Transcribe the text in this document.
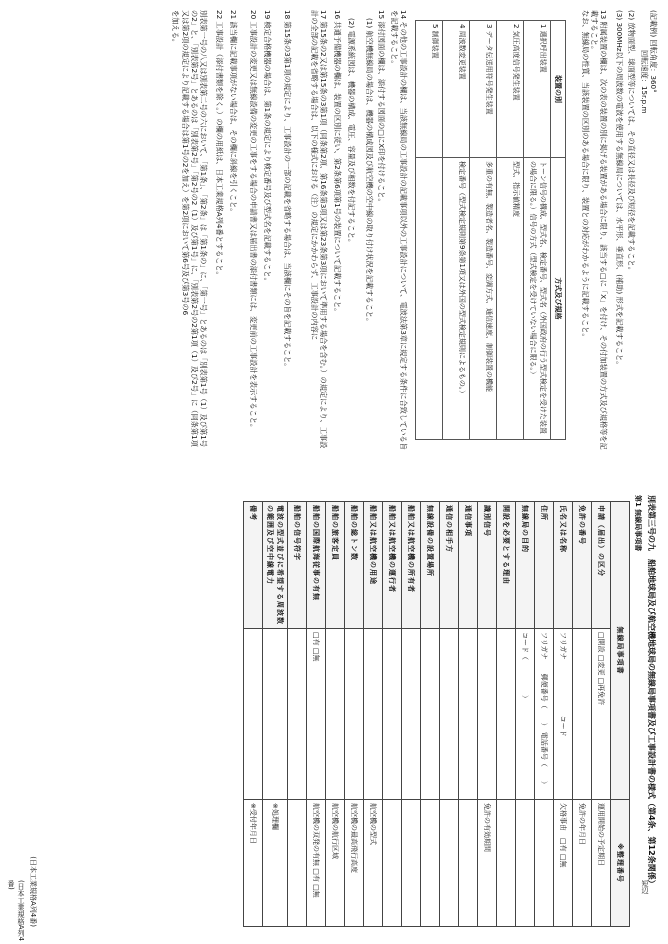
別表第三号の九　船舶地球局及び航空機地球局の無線局事項書及び工事設計書の様式（第4条、第12条関係）
第1 無線局事項書
無線局事項書		※整理番号
申請（届出）の区分	□開設 □変更 □再免許	運用開始の予定期日
免許の番号		免許の年月日
氏名又は名称	フリガナ　　　　　　　　コード	欠格事由　□有 □無
住所	フリガナ　　郵便番号（　　） 電話番号（　　）	
無線局の目的	コード（　　　　　）	
開設を必要とする理由		
識別信号		免許の有効期間
通信事項		
通信の相手方		
無線設備の設置場所		
船舶又は航空機の所有者		
船舶又は航空機の運行者		
船舶又は航空機の用途		航空機の型式
船舶の総トン数		航空機の最高飛行高度
船舶の旅客定員		航空機の航行区域
船舶の国際航海従事の有無	□有 □無	航空機の双発の有無 □有 □無
船舶の信号符字		
電波の型式並びに希望する周波数の範囲及び空中線電力		※処理欄
備考		※受付年月日
(日本工業規格A列4番)
(記載例) 回転角度：360°
回転速度：15r.p.m
(2) 放物面型、球面型等については、その直径又は長径及び短径を記載すること。
(3) 300MHz以下の周波数の電波を使用する無線局については、水平形、垂直形、(補助) 形式を記載すること。
13 附属装置の欄は、次の表の装置の別に掲げる装置がある場合に限り、該当する□に「X」を付け、その付加装置の方式及び規格等を記載すること。
なお、無線局の性質、当該装置の区別のある場合に限り、装置との対応がわかるように記載すること。
装置の別	方式及び規格
1 選択呼出装置	トーン信号の構成、型式名、検定番号、型式名（外国政府の行う型式検定を受けた装置の場合に限る。）信号の方式（型式検定を受けていない場合に限る。）
2 気圧高度信号発生装置	型式、指示値精度
3 データ伝送用符号発生装置	多重の有無、製造者名、製造番号、変調方式、通信速度、制御装置の機能
4 周波数変更装置	検定番号（型式検定規則第9条第1項又は外国の型式検定規則によるもの。）
5 制御装置	
14 その他の工事設計の欄は、当該無線局の工事設計の記載事項以外の工事設計について、電波法第3章に規定する条件に合致している旨を記載すること。
15 添付図面の欄は、添付する図面の□にX印を付けること。
(1) 航空機無線局の場合は、機器の構成図及び航空機の空中線の取り付け状況を記載すること。
(2) 電源系統図は、機器の構成、電圧、容量及び相数を付記すること。
16 共通予備機器の欄は、装置の区別に従い、第2条第6項第1号の装置について記載すること。
17 第15条の2又は第15条の3第1項（同条第2項、第16条第3項又は第23条第3項において準用する場合を含む。）の規定により、工事設計の全部の記載を省略する場合は、以下の様式における（注）の規定にかかわらず、工事設計の内容に
18 第15条の3第1項の規定により、工事設計の一部の記載を省略する場合は、当該欄にその旨を記載すること。
19 検定合格機器の場合は、第1条の規定により検定番号及び型式名を記載すること。
20 工事設計の変更又は無線設備の変更の工事をする場合の申請書又は届出書の添付書類には、変更前の工事設計を表示すること。
21 該当欄に記載事項がない場合は、その欄に斜線を引くこと。
22 工事設計（添付書類を除く。）の欄の用紙は、日本工業規格A列4番とすること。
別表第一号の八又は別表第二号の六において、「第1条」、「第2条」は「第1条の」に、「第一号」とあるのは「別表第1号（1）及び第1号の2」と、「別表第2号」とあるのは「別表第2号」「第2号の2（1）及び第1号」に、「別表第2号の2第1項（1）及び2号」に（同条第1項又は第2項の規定により記載する場合は第1号の2を加え）を第2項において第6号及び第3号の6
を加える。
短辺
(日本工業規格A列4番)
